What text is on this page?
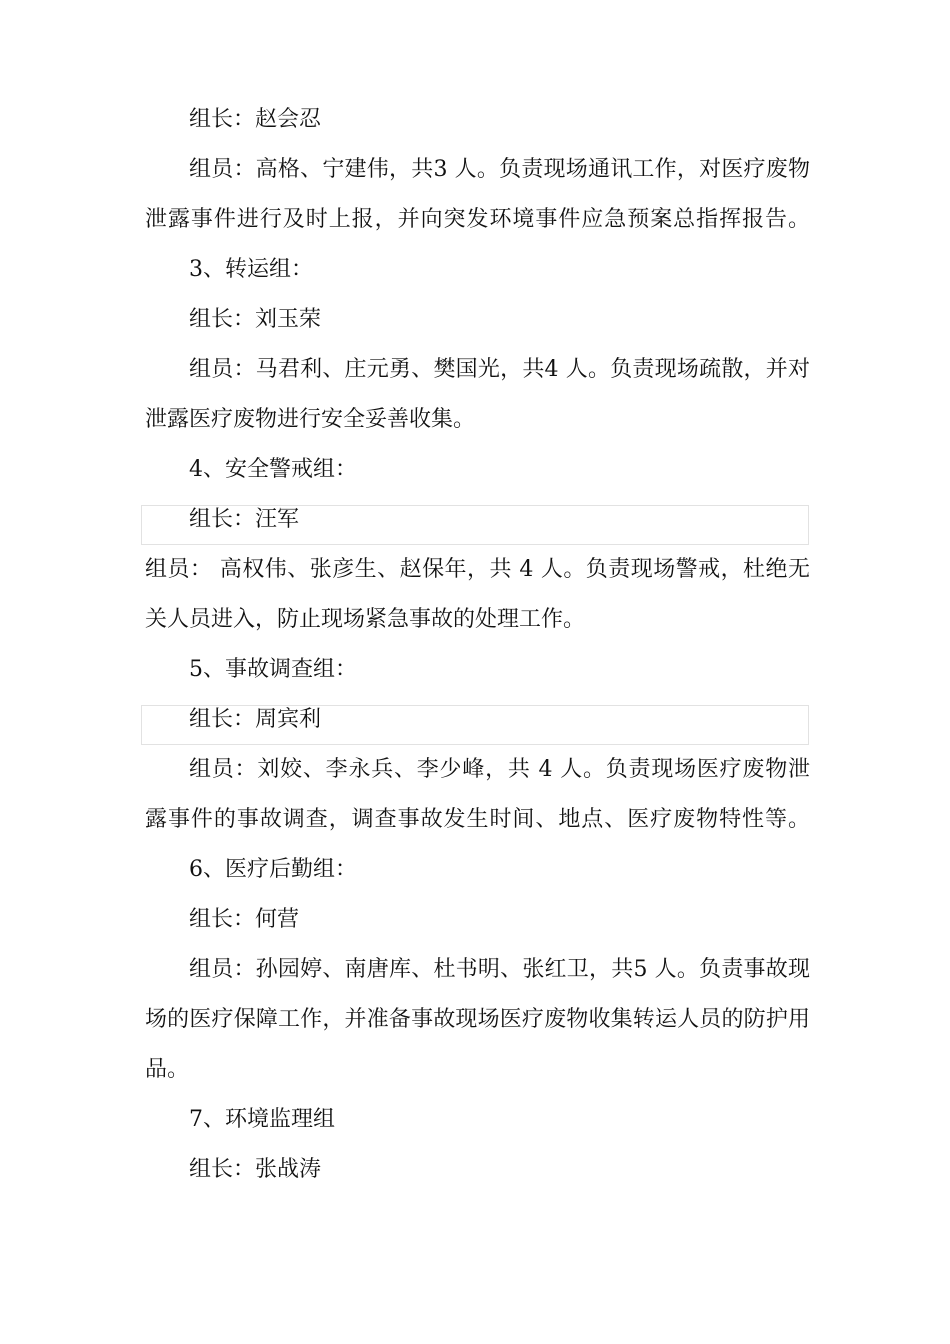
组长：赵会忍
组员：高格、宁建伟，共3 人。负责现场通讯工作，对医疗废物
泄露事件进行及时上报，并向突发环境事件应急预案总指挥报告。
3、转运组：
组长：刘玉荣
组员：马君利、庄元勇、樊国光，共4 人。负责现场疏散，并对
泄露医疗废物进行安全妥善收集。
4、安全警戒组：
组长：汪军
组员： 高权伟、张彦生、赵保年，共 4 人。负责现场警戒，杜绝无
关人员进入，防止现场紧急事故的处理工作。
5、事故调查组：
组长：周宾利
组员：刘姣、李永兵、李少峰，共 4 人。负责现场医疗废物泄
露事件的事故调查，调查事故发生时间、地点、医疗废物特性等。
6、医疗后勤组：
组长：何营
组员：孙园婷、南唐库、杜书明、张红卫，共5 人。负责事故现
场的医疗保障工作，并准备事故现场医疗废物收集转运人员的防护用
品。
7、环境监理组
组长：张战涛
